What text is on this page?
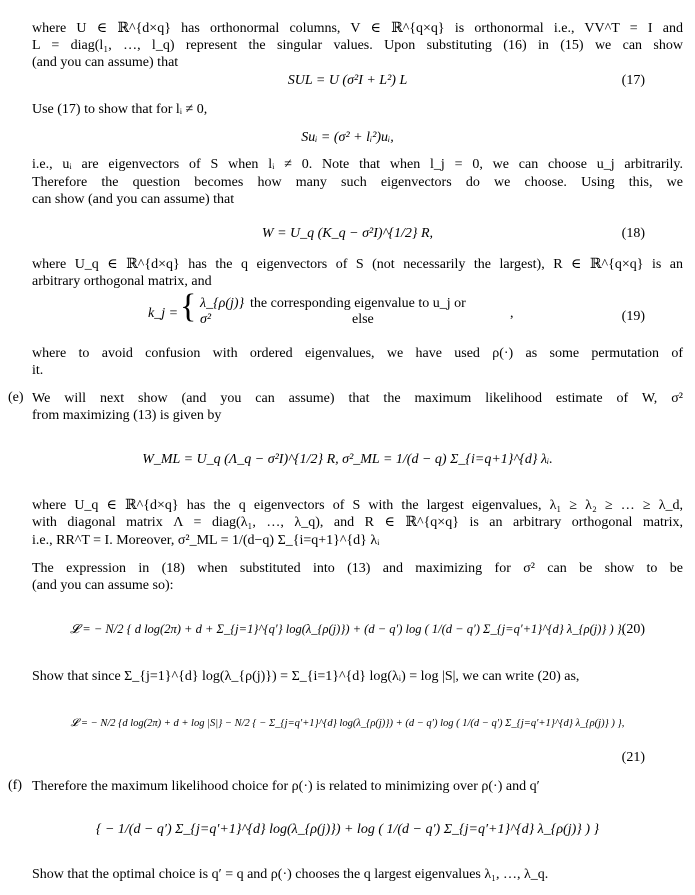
where U ∈ ℝ^{d×q} has orthonormal columns, V ∈ ℝ^{q×q} is orthonormal i.e., VV^T = I and
L = diag(l₁, …, l_q) represent the singular values. Upon substituting (16) in (15) we can show
(and you can assume) that
SUL = U (σ²I + L²) L	(17)
Use (17) to show that for lᵢ ≠ 0,
Suᵢ = (σ² + lᵢ²)uᵢ,
i.e., uᵢ are eigenvectors of S when lᵢ ≠ 0. Note that when l_j = 0, we can choose u_j arbitrarily.
Therefore the question becomes how many such eigenvectors do we choose. Using this, we
can show (and you can assume) that
W = U_q (K_q − σ²I)^{1/2} R,	(18)
where U_q ∈ ℝ^{d×q} has the q eigenvectors of S (not necessarily the largest), R ∈ ℝ^{q×q} is an
arbitrary orthogonal matrix, and
k_j = { λ_{ρ(j)} the corresponding eigenvalue to u_j or
σ²	else	,	(19)
where to avoid confusion with ordered eigenvalues, we have used ρ(·) as some permutation of
it.
(e) We will next show (and you can assume) that the maximum likelihood estimate of W, σ²
from maximizing (13) is given by
W_ML = U_q (Λ_q − σ²I)^{1/2} R, σ²_ML = 1/(d − q) Σ_{i=q+1}^{d} λᵢ.
where U_q ∈ ℝ^{d×q} has the q eigenvectors of S with the largest eigenvalues, λ₁ ≥ λ₂ ≥ … ≥ λ_d,
with diagonal matrix Λ = diag(λ₁, …, λ_q), and R ∈ ℝ^{q×q} is an arbitrary orthogonal matrix,
i.e., RR^T = I. Moreover, σ²_ML = 1/(d−q) Σ_{i=q+1}^{d} λᵢ
The expression in (18) when substituted into (13) and maximizing for σ² can be show to be
(and you can assume so):
𝓛 = − N/2 { d log(2π) + d + Σ_{j=1}^{q′} log(λ_{ρ(j)}) + (d − q′) log ( 1/(d − q′) Σ_{j=q′+1}^{d} λ_{ρ(j)} ) },
(20)
Show that since Σ_{j=1}^{d} log(λ_{ρ(j)}) = Σ_{i=1}^{d} log(λᵢ) = log |S|, we can write (20) as,
𝓛 = − N/2 {d log(2π) + d + log |S|} − N/2 { − Σ_{j=q′+1}^{d} log(λ_{ρ(j)}) + (d − q′) log ( 1/(d − q′) Σ_{j=q′+1}^{d} λ_{ρ(j)} ) },
(21)
(f) Therefore the maximum likelihood choice for ρ(·) is related to minimizing over ρ(·) and q′
{ − 1/(d − q′) Σ_{j=q′+1}^{d} log(λ_{ρ(j)}) + log ( 1/(d − q′) Σ_{j=q′+1}^{d} λ_{ρ(j)} ) }
Show that the optimal choice is q′ = q and ρ(·) chooses the q largest eigenvalues λ₁, …, λ_q.
